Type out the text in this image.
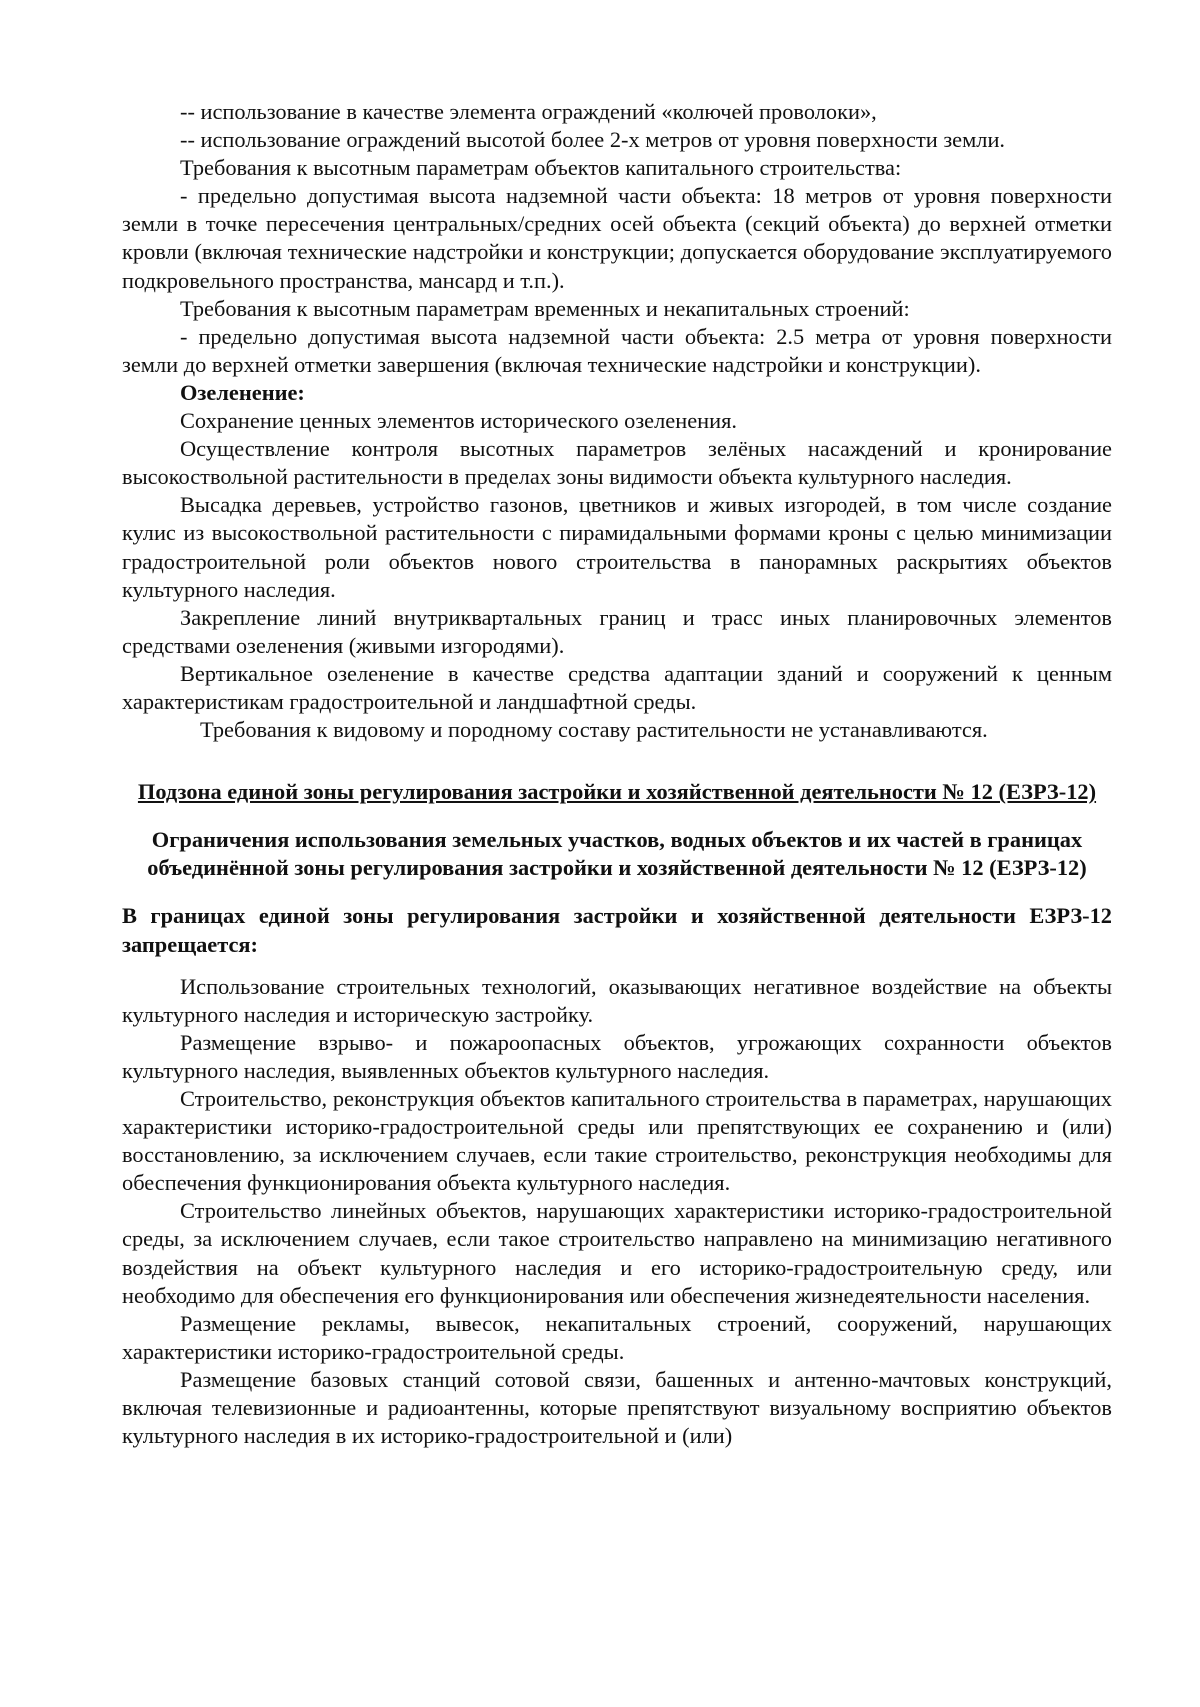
-- использование в качестве элемента ограждений «колючей проволоки»,

-- использование ограждений высотой более 2-х метров от уровня поверхности земли.

Требования к высотным параметрам объектов капитального строительства:

- предельно допустимая высота надземной части объекта: 18 метров от уровня поверхности земли в точке пересечения центральных/средних осей объекта (секций объекта) до верхней отметки кровли (включая технические надстройки и конструкции; допускается оборудование эксплуатируемого подкровельного пространства, мансард и т.п.).

Требования к высотным параметрам временных и некапитальных строений:

- предельно допустимая высота надземной части объекта: 2.5 метра от уровня поверхности земли до верхней отметки завершения (включая технические надстройки и конструкции).

Озеленение:

Сохранение ценных элементов исторического озеленения.

Осуществление контроля высотных параметров зелёных насаждений и кронирование высокоствольной растительности в пределах зоны видимости объекта культурного наследия.

Высадка деревьев, устройство газонов, цветников и живых изгородей, в том числе создание кулис из высокоствольной растительности с пирамидальными формами кроны с целью минимизации градостроительной роли объектов нового строительства в панорамных раскрытиях объектов культурного наследия.

Закрепление линий внутриквартальных границ и трасс иных планировочных элементов средствами озеленения (живыми изгородями).

Вертикальное озеленение в качестве средства адаптации зданий и сооружений к ценным характеристикам градостроительной и ландшафтной среды.

Требования к видовому и породному составу растительности не устанавливаются.

Подзона единой зоны регулирования застройки и хозяйственной деятельности № 12 (ЕЗРЗ-12)

Ограничения использования земельных участков, водных объектов и их частей в границах объединённой зоны регулирования застройки и хозяйственной деятельности № 12 (ЕЗРЗ-12)

В границах единой зоны регулирования застройки и хозяйственной деятельности ЕЗРЗ-12 запрещается:

Использование строительных технологий, оказывающих негативное воздействие на объекты культурного наследия и историческую застройку.

Размещение взрыво- и пожароопасных объектов, угрожающих сохранности объектов культурного наследия, выявленных объектов культурного наследия.

Строительство, реконструкция объектов капитального строительства в параметрах, нарушающих характеристики историко-градостроительной среды или препятствующих ее сохранению и (или) восстановлению, за исключением случаев, если такие строительство, реконструкция необходимы для обеспечения функционирования объекта культурного наследия.

Строительство линейных объектов, нарушающих характеристики историко-градостроительной среды, за исключением случаев, если такое строительство направлено на минимизацию негативного воздействия на объект культурного наследия и его историко-градостроительную среду, или необходимо для обеспечения его функционирования или обеспечения жизнедеятельности населения.

Размещение рекламы, вывесок, некапитальных строений, сооружений, нарушающих характеристики историко-градостроительной среды.

Размещение базовых станций сотовой связи, башенных и антенно-мачтовых конструкций, включая телевизионные и радиоантенны, которые препятствуют визуальному восприятию объектов культурного наследия в их историко-градостроительной и (или)
